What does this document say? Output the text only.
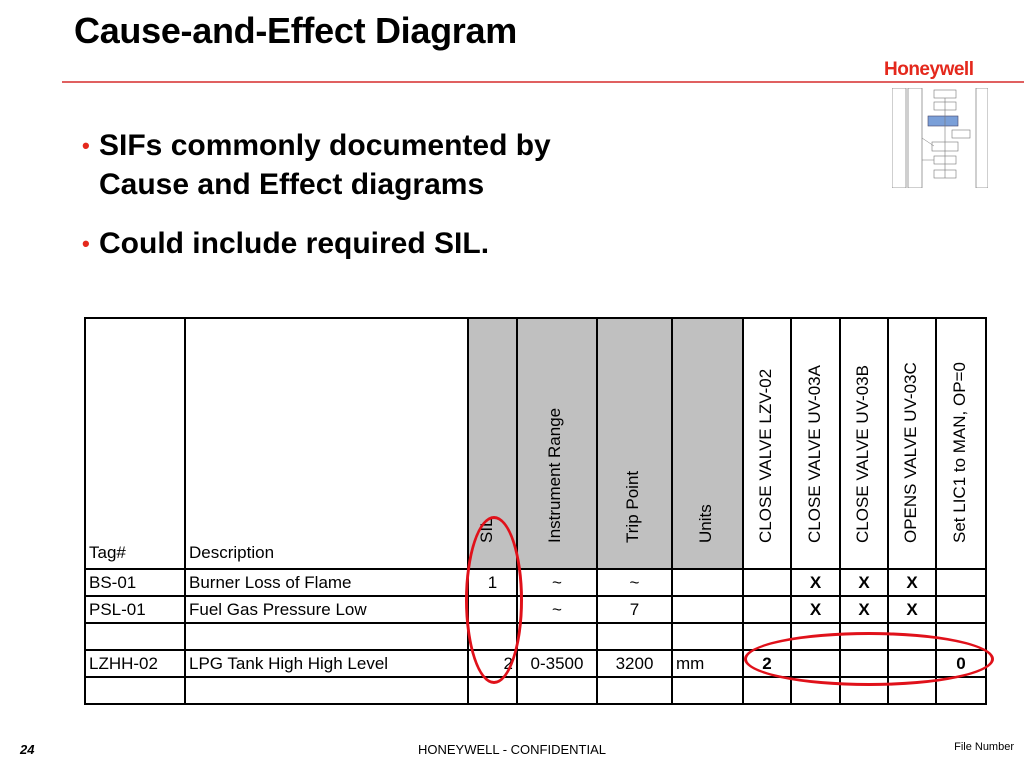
Cause-and-Effect Diagram
Honeywell
• SIFs commonly documented by Cause and Effect diagrams
• Could include required SIL.
Tag#	Description	SIL	Instrument Range	Trip Point	Units	CLOSE VALVE LZV-02	CLOSE VALVE UV-03A	CLOSE VALVE UV-03B	OPENS VALVE UV-03C	Set LIC1 to MAN, OP=0

BS-01	Burner Loss of Flame	1	~	~			X	X	X	
PSL-01	Fuel Gas Pressure Low		~	7			X	X	X	

LZHH-02	LPG Tank High High Level	2	0-3500	3200	mm	2				0

24	HONEYWELL - CONFIDENTIAL	File Number
